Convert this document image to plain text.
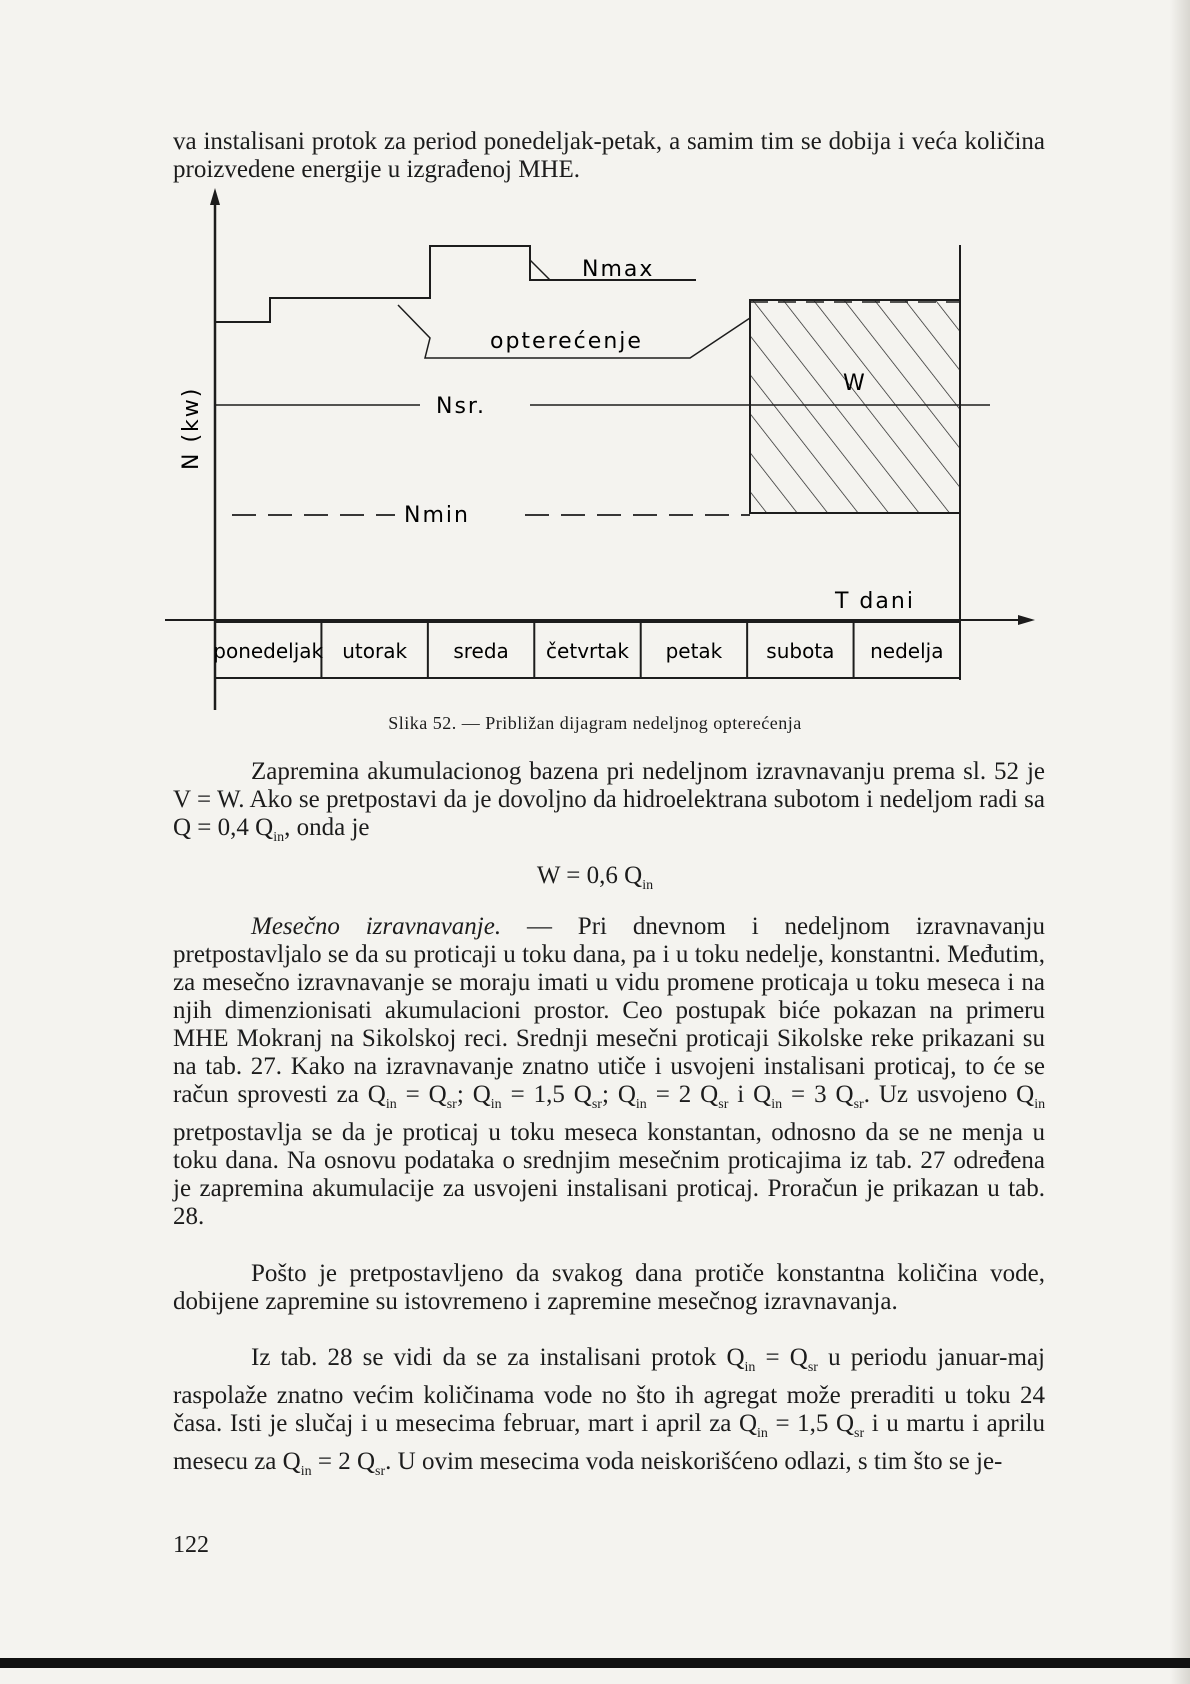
va instalisani protok za period ponedeljak-petak, a samim tim se dobija i veća količina proizvedene energije u izgrađenoj MHE.

ponedeljak utorak sreda četvrtak petak subota nedelja
Nmax
opterećenje
Nsr.
Nmin
W
T dani
N (kw)

Slika 52. — Približan dijagram nedeljnog opterećenja

Zapremina akumulacionog bazena pri nedeljnom izravnavanju prema sl. 52 je V = W. Ako se pretpostavi da je dovoljno da hidroelektrana subotom i nedeljom radi sa Q = 0,4 $Q_{in}$, onda je

W = 0,6 $Q_{in}$

Mesečno izravnavanje. — Pri dnevnom i nedeljnom izravnavanju pretpostavljalo se da su proticaji u toku dana, pa i u toku nedelje, konstantni. Međutim, za mesečno izravnavanje se moraju imati u vidu promene proticaja u toku meseca i na njih dimenzionisati akumulacioni prostor. Ceo postupak biće pokazan na primeru MHE Mokranj na Sikolskoj reci. Srednji mesečni proticaji Sikolske reke prikazani su na tab. 27. Kako na izravnavanje znatno utiče i usvojeni instalisani proticaj, to će se račun sprovesti za $Q_{in} = Q_{sr}$; $Q_{in} = 1,5$ $Q_{sr}$; $Q_{in} = 2$ $Q_{sr}$ i $Q_{in} = 3$ $Q_{sr}$. Uz usvojeno $Q_{in}$ pretpostavlja se da je proticaj u toku meseca konstantan, odnosno da se ne menja u toku dana. Na osnovu podataka o srednjim mesečnim proticajima iz tab. 27 određena je zapremina akumulacije za usvojeni instalisani proticaj. Proračun je prikazan u tab. 28.

Pošto je pretpostavljeno da svakog dana protiče konstantna količina vode, dobijene zapremine su istovremeno i zapremine mesečnog izravnavanja.

Iz tab. 28 se vidi da se za instalisani protok $Q_{in} = Q_{sr}$ u periodu januar-maj raspolaže znatno većim količinama vode no što ih agregat može preraditi u toku 24 časa. Isti je slučaj i u mesecima februar, mart i april za $Q_{in} = 1,5$ $Q_{sr}$ i u martu i aprilu mesecu za $Q_{in} = 2$ $Q_{sr}$. U ovim mesecima voda neiskorišćeno odlazi, s tim što se je-

122
